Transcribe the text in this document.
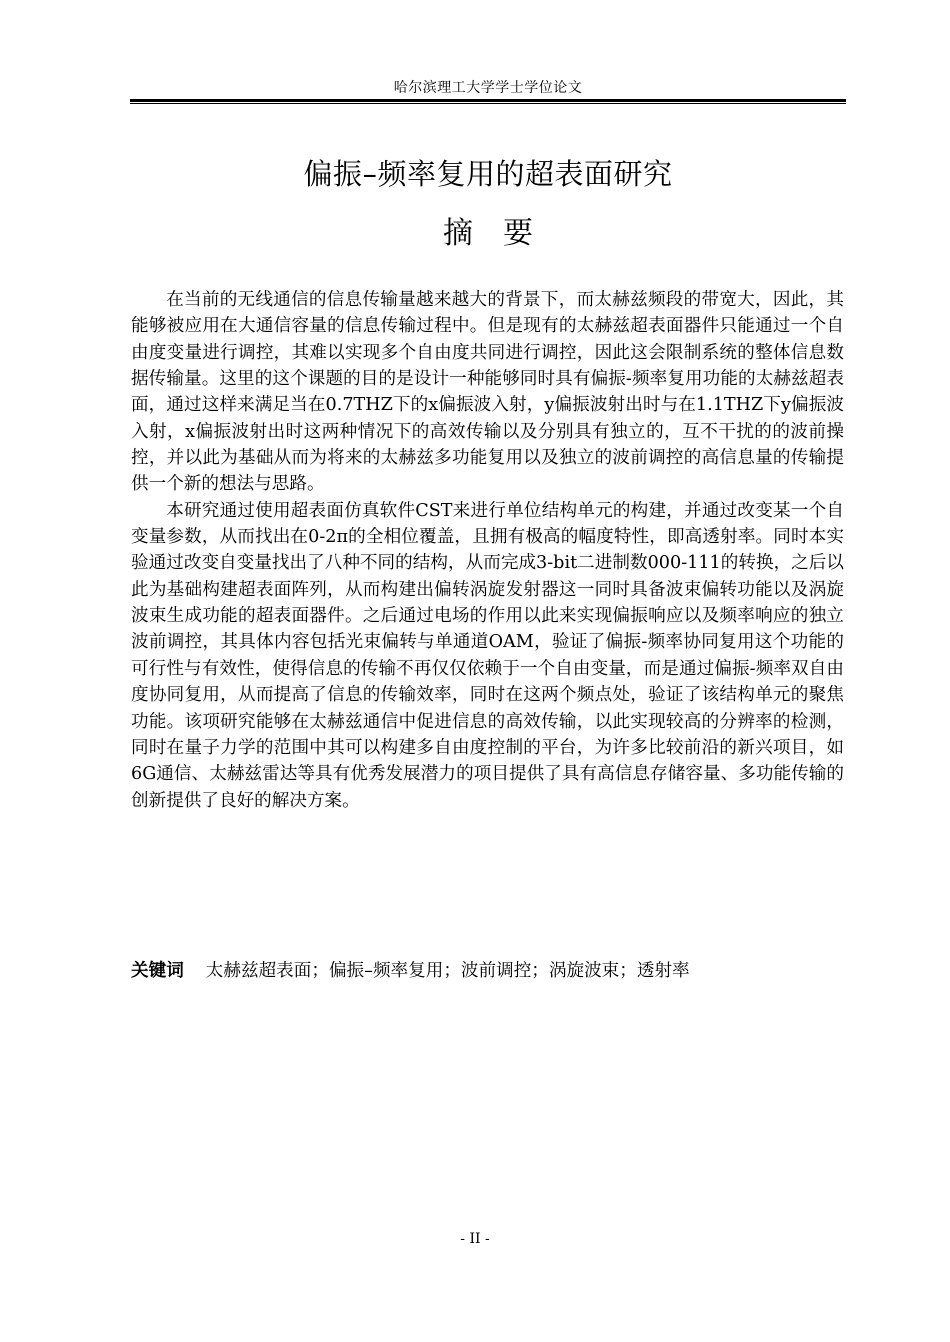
哈尔滨理工大学学士学位论文
偏振–频率复用的超表面研究
摘 要

在当前的无线通信的信息传输量越来越大的背景下，而太赫兹频段的带宽大，因此，其能够被应用在大通信容量的信息传输过程中。但是现有的太赫兹超表面器件只能通过一个自由度变量进行调控，其难以实现多个自由度共同进行调控，因此这会限制系统的整体信息数据传输量。这里的这个课题的目的是设计一种能够同时具有偏振-频率复用功能的太赫兹超表面，通过这样来满足当在0.7THZ下的x偏振波入射，y偏振波射出时与在1.1THZ下y偏振波入射，x偏振波射出时这两种情况下的高效传输以及分别具有独立的，互不干扰的的波前操控，并以此为基础从而为将来的太赫兹多功能复用以及独立的波前调控的高信息量的传输提供一个新的想法与思路。

本研究通过使用超表面仿真软件CST来进行单位结构单元的构建，并通过改变某一个自变量参数，从而找出在0-2π的全相位覆盖，且拥有极高的幅度特性，即高透射率。同时本实验通过改变自变量找出了八种不同的结构，从而完成3-bit二进制数000-111的转换，之后以此为基础构建超表面阵列，从而构建出偏转涡旋发射器这一同时具备波束偏转功能以及涡旋波束生成功能的超表面器件。之后通过电场的作用以此来实现偏振响应以及频率响应的独立波前调控，其具体内容包括光束偏转与单通道OAM，验证了偏振-频率协同复用这个功能的可行性与有效性，使得信息的传输不再仅仅依赖于一个自由变量，而是通过偏振-频率双自由度协同复用，从而提高了信息的传输效率，同时在这两个频点处，验证了该结构单元的聚焦功能。该项研究能够在太赫兹通信中促进信息的高效传输，以此实现较高的分辨率的检测，同时在量子力学的范围中其可以构建多自由度控制的平台，为许多比较前沿的新兴项目，如6G通信、太赫兹雷达等具有优秀发展潜力的项目提供了具有高信息存储容量、多功能传输的创新提供了良好的解决方案。

关键词 太赫兹超表面；偏振–频率复用；波前调控；涡旋波束；透射率
- II -
